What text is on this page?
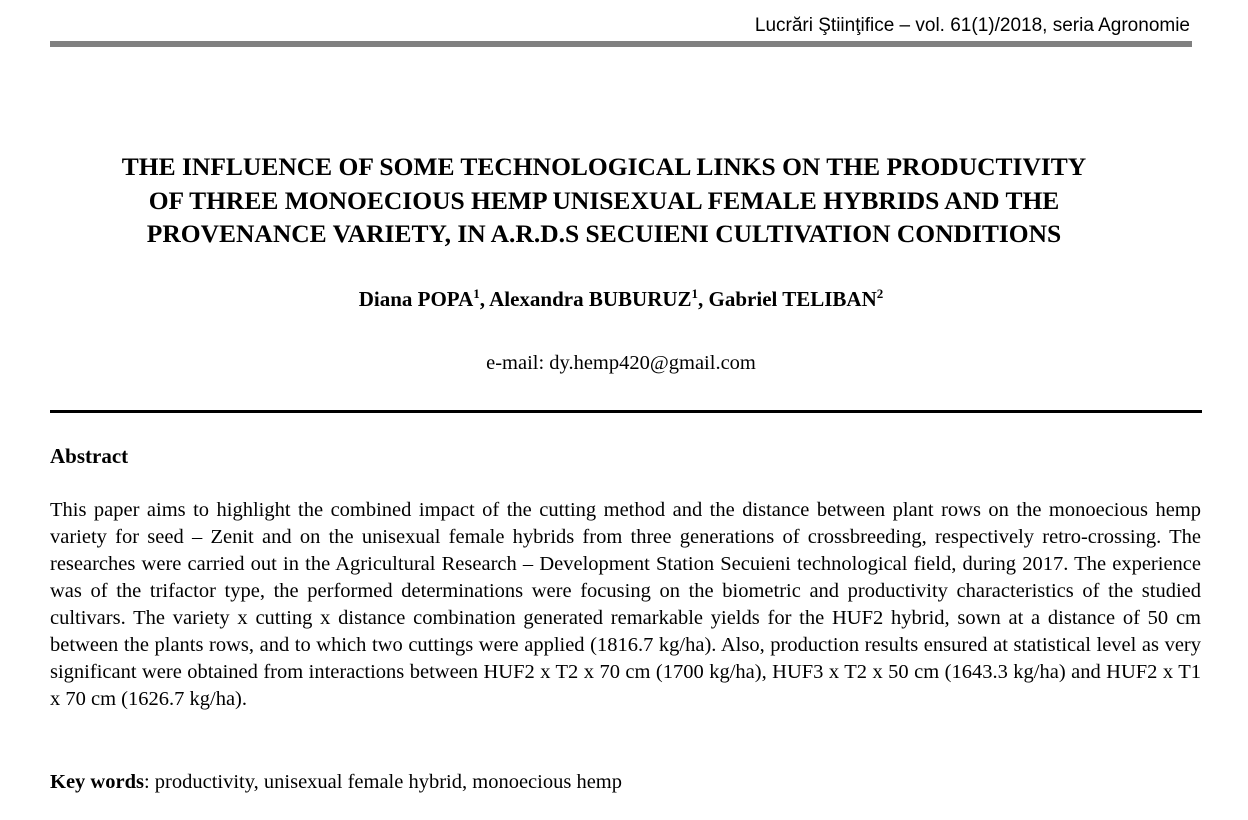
Lucrări Ştiinţifice – vol. 61(1)/2018, seria Agronomie
THE INFLUENCE OF SOME TECHNOLOGICAL LINKS ON THE PRODUCTIVITY
OF THREE MONOECIOUS HEMP UNISEXUAL FEMALE HYBRIDS AND THE
PROVENANCE VARIETY, IN A.R.D.S SECUIENI CULTIVATION CONDITIONS
Diana POPA$^1$, Alexandra BUBURUZ$^1$, Gabriel TELIBAN$^2$
e-mail: dy.hemp420@gmail.com
Abstract

This paper aims to highlight the combined impact of the cutting method and the distance between plant rows on the monoecious hemp variety for seed – Zenit and on the unisexual female hybrids from three generations of crossbreeding, respectively retro-crossing. The researches were carried out in the Agricultural Research – Development Station Secuieni technological field, during 2017. The experience was of the trifactor type, the performed determinations were focusing on the biometric and productivity characteristics of the studied cultivars. The variety x cutting x distance combination generated remarkable yields for the HUF2 hybrid, sown at a distance of 50 cm between the plants rows, and to which two cuttings were applied (1816.7 kg/ha). Also, production results ensured at statistical level as very significant were obtained from interactions between HUF2 x T2 x 70 cm (1700 kg/ha), HUF3 x T2 x 50 cm (1643.3 kg/ha) and HUF2 x T1 x 70 cm (1626.7 kg/ha).

Key words: productivity, unisexual female hybrid, monoecious hemp
